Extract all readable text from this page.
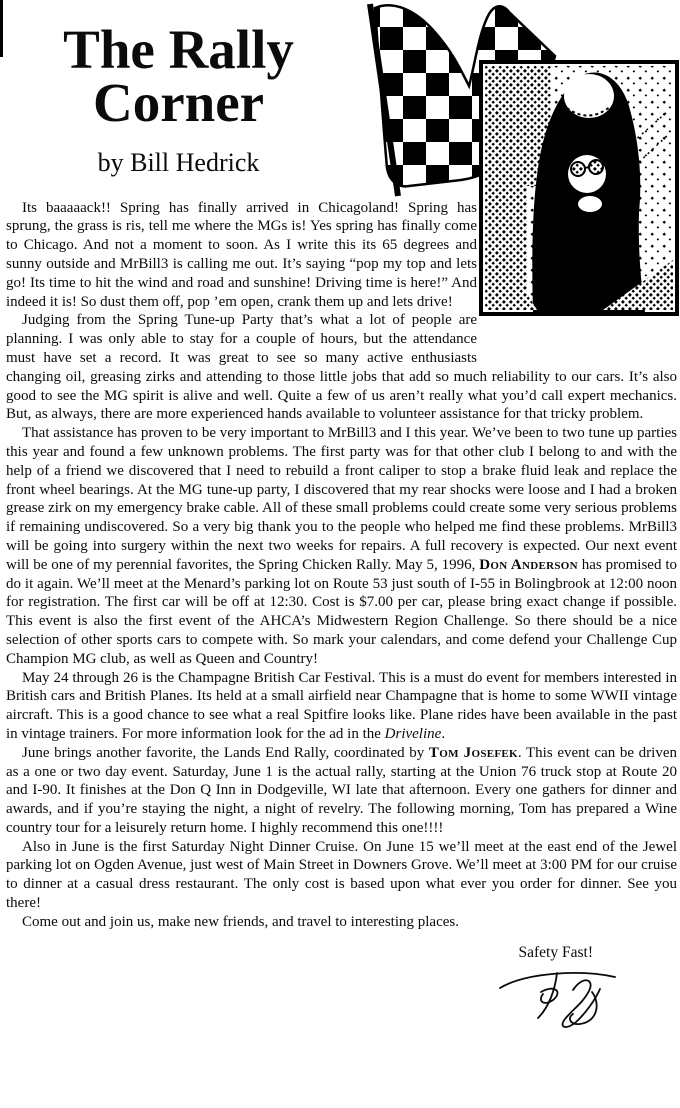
The Rally
Corner
by Bill Hedrick

Its baaaaack!! Spring has finally arrived in Chicagoland! Spring has sprung, the grass is ris, tell me where the MGs is! Yes spring has finally come to Chicago. And not a moment to soon. As I write this its 65 degrees and sunny outside and MrBill3 is calling me out. It’s saying “pop my top and lets go! Its time to hit the wind and road and sunshine! Driving time is here!” And indeed it is! So dust them off, pop ’em open, crank them up and lets drive!

Judging from the Spring Tune-up Party that’s what a lot of people are planning. I was only able to stay for a couple of hours, but the attendance must have set a record. It was great to see so many active enthusiasts changing oil, greasing zirks and attending to those little jobs that add so much reliability to our cars. It’s also good to see the MG spirit is alive and well. Quite a few of us aren’t really what you’d call expert mechanics. But, as always, there are more experienced hands available to volunteer assistance for that tricky problem.

That assistance has proven to be very important to MrBill3 and I this year. We’ve been to two tune up parties this year and found a few unknown problems. The first party was for that other club I belong to and with the help of a friend we discovered that I need to rebuild a front caliper to stop a brake fluid leak and replace the front wheel bearings. At the MG tune-up party, I discovered that my rear shocks were loose and I had a broken grease zirk on my emergency brake cable. All of these small problems could create some very serious problems if remaining undiscovered. So a very big thank you to the people who helped me find these problems. MrBill3 will be going into surgery within the next two weeks for repairs. A full recovery is expected. Our next event will be one of my perennial favorites, the Spring Chicken Rally. May 5, 1996, Don Anderson has promised to do it again. We’ll meet at the Menard’s parking lot on Route 53 just south of I-55 in Bolingbrook at 12:00 noon for registration. The first car will be off at 12:30. Cost is $7.00 per car, please bring exact change if possible. This event is also the first event of the AHCA’s Midwestern Region Challenge. So there should be a nice selection of other sports cars to compete with. So mark your calendars, and come defend your Challenge Cup Champion MG club, as well as Queen and Country!

May 24 through 26 is the Champagne British Car Festival. This is a must do event for members interested in British cars and British Planes. Its held at a small airfield near Champagne that is home to some WWII vintage aircraft. This is a good chance to see what a real Spitfire looks like. Plane rides have been available in the past in vintage trainers. For more information look for the ad in the Driveline.

June brings another favorite, the Lands End Rally, coordinated by Tom Josefek. This event can be driven as a one or two day event. Saturday, June 1 is the actual rally, starting at the Union 76 truck stop at Route 20 and I-90. It finishes at the Don Q Inn in Dodgeville, WI late that afternoon. Every one gathers for dinner and awards, and if you’re staying the night, a night of revelry. The following morning, Tom has prepared a Wine country tour for a leisurely return home. I highly recommend this one!!!!

Also in June is the first Saturday Night Dinner Cruise. On June 15 we’ll meet at the east end of the Jewel parking lot on Ogden Avenue, just west of Main Street in Downers Grove. We’ll meet at 3:00 PM for our cruise to dinner at a casual dress restaurant. The only cost is based upon what ever you order for dinner. See you there!

Come out and join us, make new friends, and travel to interesting places.

Safety Fast!
